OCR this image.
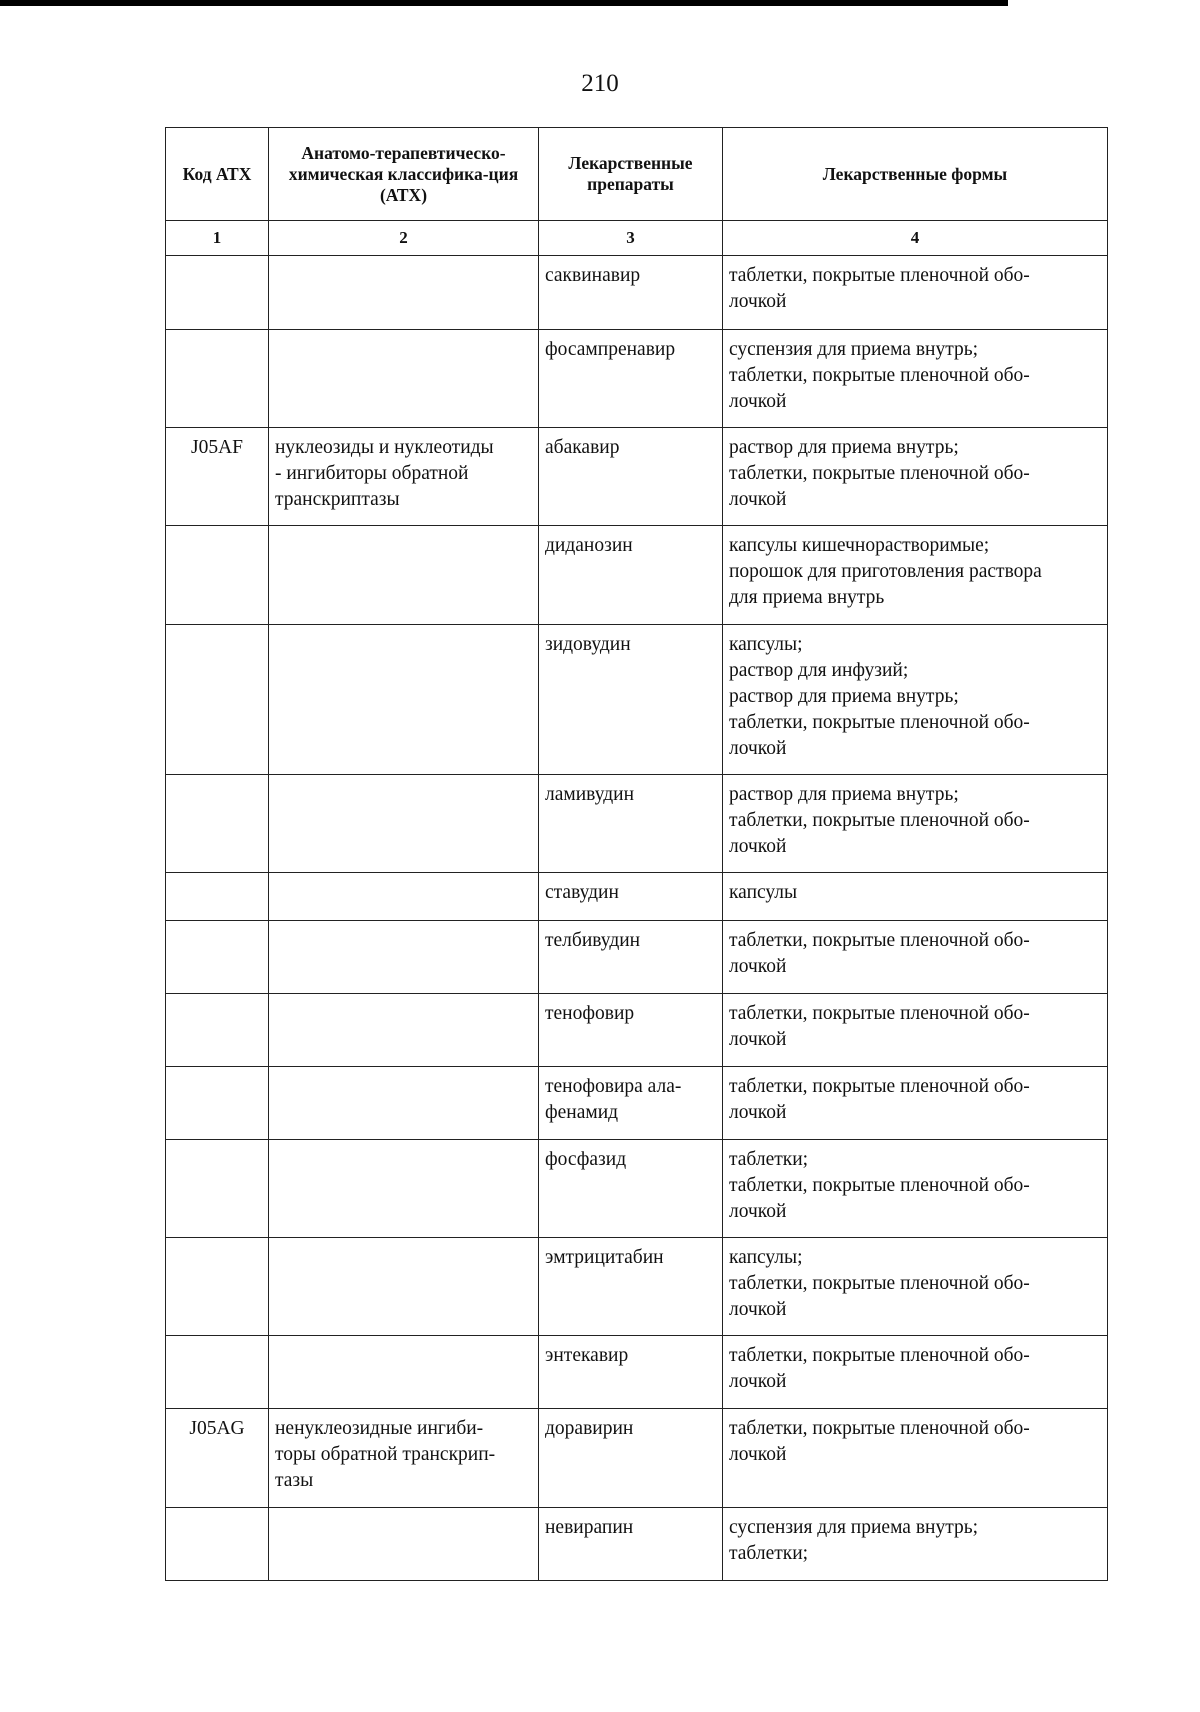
210
Код АТХ	Анатомо-терапевтическо-химическая классифика-ция (АТХ)	Лекарственные препараты	Лекарственные формы
1	2	3	4
		саквинавир	таблетки, покрытые пленочной обо-
лочкой
		фосампренавир	суспензия для приема внутрь;
таблетки, покрытые пленочной обо-
лочкой
J05AF	нуклеозиды и нуклеотиды
- ингибиторы обратной
транскриптазы	абакавир	раствор для приема внутрь;
таблетки, покрытые пленочной обо-
лочкой
		диданозин	капсулы кишечнорастворимые;
порошок для приготовления раствора
для приема внутрь
		зидовудин	капсулы;
раствор для инфузий;
раствор для приема внутрь;
таблетки, покрытые пленочной обо-
лочкой
		ламивудин	раствор для приема внутрь;
таблетки, покрытые пленочной обо-
лочкой
		ставудин	капсулы
		телбивудин	таблетки, покрытые пленочной обо-
лочкой
		тенофовир	таблетки, покрытые пленочной обо-
лочкой
		тенофовира ала-
фенамид	таблетки, покрытые пленочной обо-
лочкой
		фосфазид	таблетки;
таблетки, покрытые пленочной обо-
лочкой
		эмтрицитабин	капсулы;
таблетки, покрытые пленочной обо-
лочкой
		энтекавир	таблетки, покрытые пленочной обо-
лочкой
J05AG	ненуклеозидные ингиби-
торы обратной транскрип-
тазы	доравирин	таблетки, покрытые пленочной обо-
лочкой
		невирапин	суспензия для приема внутрь;
таблетки;
